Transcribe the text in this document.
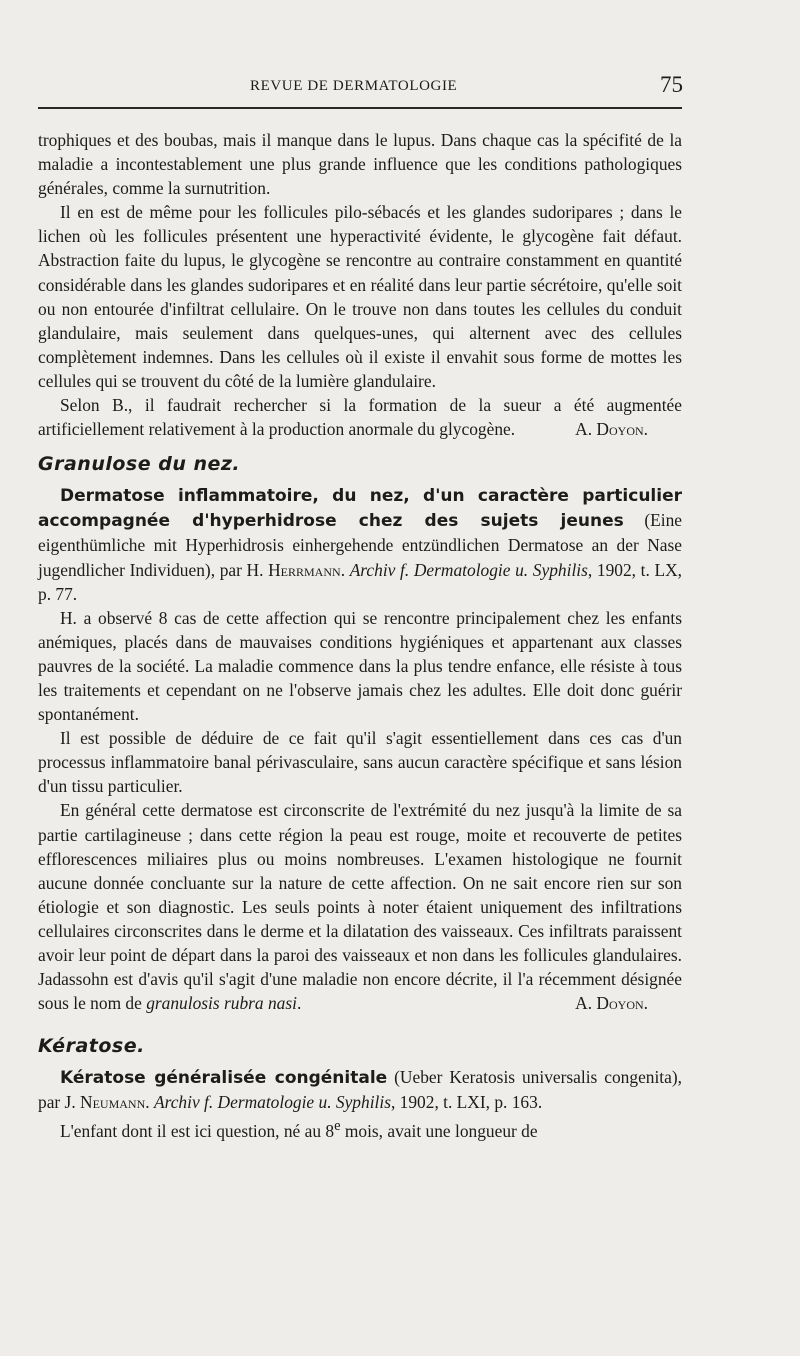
REVUE DE DERMATOLOGIE	75

trophiques et des boubas, mais il manque dans le lupus. Dans chaque cas la spécifité de la maladie a incontestablement une plus grande influence que les conditions pathologiques générales, comme la surnutrition.

Il en est de même pour les follicules pilo-sébacés et les glandes sudoripares ; dans le lichen où les follicules présentent une hyperactivité évidente, le glycogène fait défaut. Abstraction faite du lupus, le glycogène se rencontre au contraire constamment en quantité considérable dans les glandes sudoripares et en réalité dans leur partie sécrétoire, qu'elle soit ou non entourée d'infiltrat cellulaire. On le trouve non dans toutes les cellules du conduit glandulaire, mais seulement dans quelques-unes, qui alternent avec des cellules complètement indemnes. Dans les cellules où il existe il envahit sous forme de mottes les cellules qui se trouvent du côté de la lumière glandulaire.

Selon B., il faudrait rechercher si la formation de la sueur a été augmentée artificiellement relativement à la production anormale du glycogène.	A. Doyon.

Granulose du nez.

Dermatose inflammatoire, du nez, d'un caractère particulier accompagnée d'hyperhidrose chez des sujets jeunes (Eine eigenthümliche mit Hyperhidrosis einhergehende entzündlichen Dermatose an der Nase jugendlicher Individuen), par H. Herrmann. Archiv f. Dermatologie u. Syphilis, 1902, t. LX, p. 77.

H. a observé 8 cas de cette affection qui se rencontre principalement chez les enfants anémiques, placés dans de mauvaises conditions hygiéniques et appartenant aux classes pauvres de la société. La maladie commence dans la plus tendre enfance, elle résiste à tous les traitements et cependant on ne l'observe jamais chez les adultes. Elle doit donc guérir spontanément.

Il est possible de déduire de ce fait qu'il s'agit essentiellement dans ces cas d'un processus inflammatoire banal périvasculaire, sans aucun caractère spécifique et sans lésion d'un tissu particulier.

En général cette dermatose est circonscrite de l'extrémité du nez jusqu'à la limite de sa partie cartilagineuse ; dans cette région la peau est rouge, moite et recouverte de petites efflorescences miliaires plus ou moins nombreuses. L'examen histologique ne fournit aucune donnée concluante sur la nature de cette affection. On ne sait encore rien sur son étiologie et son diagnostic. Les seuls points à noter étaient uniquement des infiltrations cellulaires circonscrites dans le derme et la dilatation des vaisseaux. Ces infiltrats paraissent avoir leur point de départ dans la paroi des vaisseaux et non dans les follicules glandulaires. Jadassohn est d'avis qu'il s'agit d'une maladie non encore décrite, il l'a récemment désignée sous le nom de granulosis rubra nasi.	A. Doyon.

Kératose.

Kératose généralisée congénitale (Ueber Keratosis universalis congenita), par J. Neumann. Archiv f. Dermatologie u. Syphilis, 1902, t. LXI, p. 163.

L'enfant dont il est ici question, né au 8e mois, avait une longueur de
